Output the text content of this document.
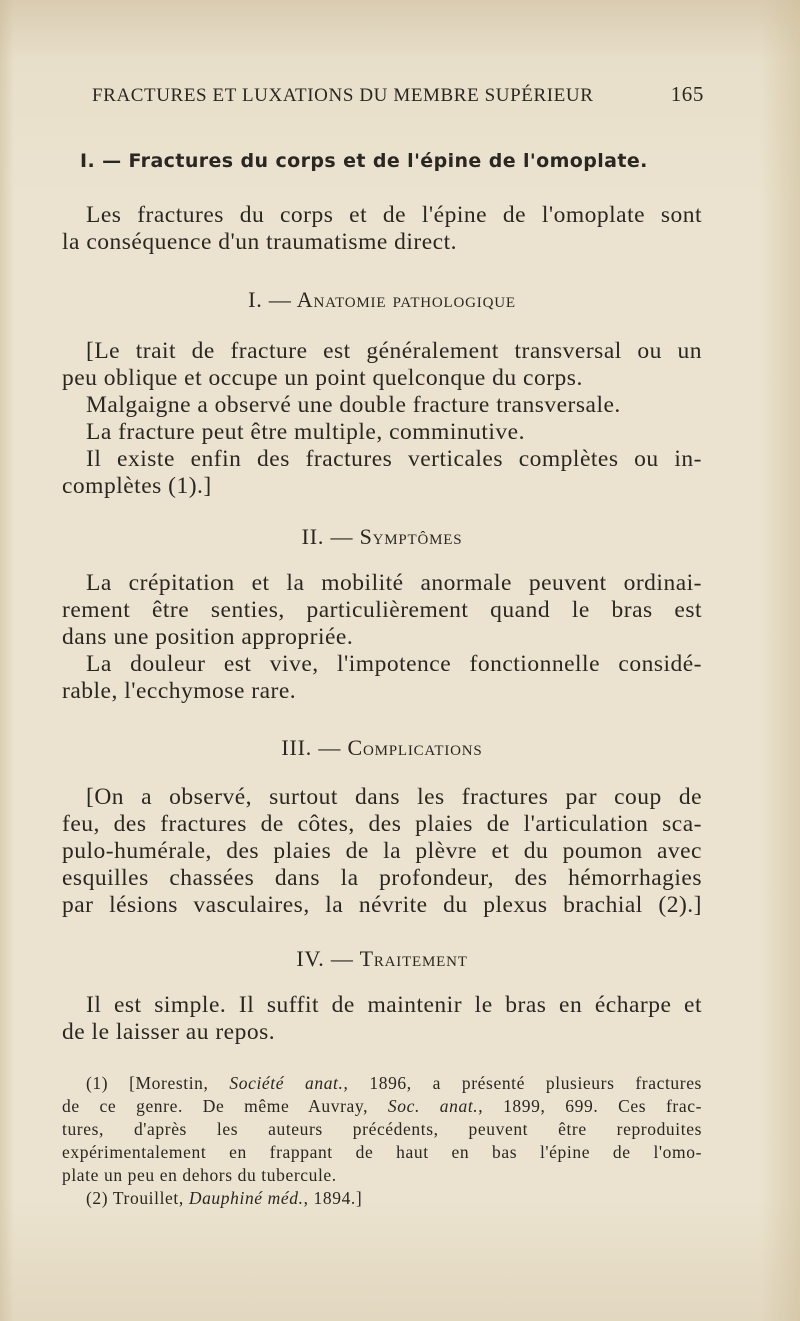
FRACTURES ET LUXATIONS DU MEMBRE SUPÉRIEUR	165
I. — Fractures du corps et de l'épine de l'omoplate.
Les fractures du corps et de l'épine de l'omoplate sont
la conséquence d'un traumatisme direct.
I. — Anatomie pathologique
[Le trait de fracture est généralement transversal ou un
peu oblique et occupe un point quelconque du corps.
Malgaigne a observé une double fracture transversale.
La fracture peut être multiple, comminutive.
Il existe enfin des fractures verticales complètes ou in-
complètes (1).]
II. — Symptômes
La crépitation et la mobilité anormale peuvent ordinai-
rement être senties, particulièrement quand le bras est
dans une position appropriée.
La douleur est vive, l'impotence fonctionnelle considé-
rable, l'ecchymose rare.
III. — Complications
[On a observé, surtout dans les fractures par coup de
feu, des fractures de côtes, des plaies de l'articulation sca-
pulo-humérale, des plaies de la plèvre et du poumon avec
esquilles chassées dans la profondeur, des hémorrhagies
par lésions vasculaires, la névrite du plexus brachial (2).]
IV. — Traitement
Il est simple. Il suffit de maintenir le bras en écharpe et
de le laisser au repos.
(1) [Morestin, Société anat., 1896, a présenté plusieurs fractures
de ce genre. De même Auvray, Soc. anat., 1899, 699. Ces frac-
tures, d'après les auteurs précédents, peuvent être reproduites
expérimentalement en frappant de haut en bas l'épine de l'omo-
plate un peu en dehors du tubercule.
(2) Trouillet, Dauphiné méd., 1894.]
